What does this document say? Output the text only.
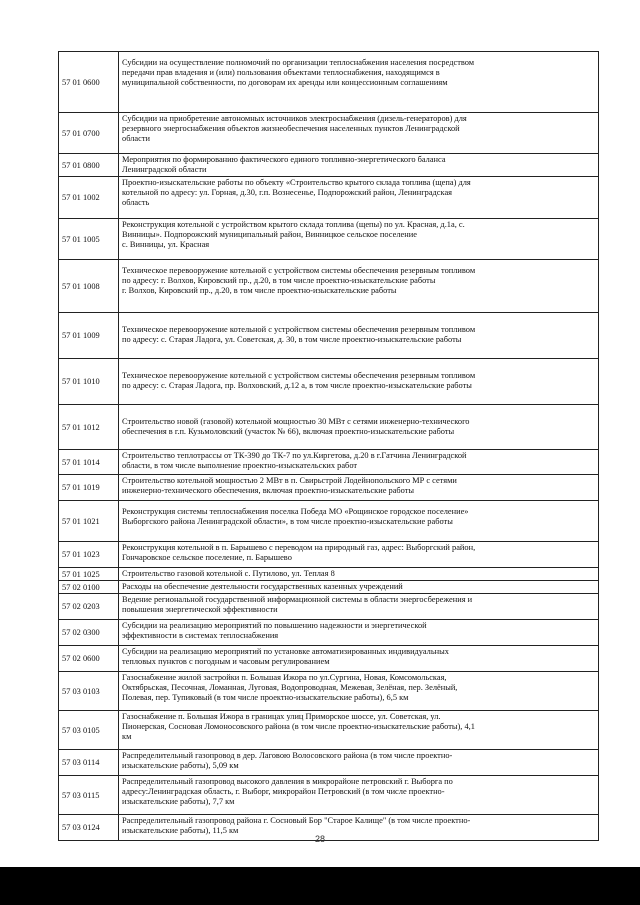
57 01 0600
Субсидии на осуществление полномочий по организации теплоснабжения населения посредством
передачи прав владения и (или) пользования объектами теплоснабжения, находящимся в
муниципальной собственности, по договорам их аренды или концессионным соглашениям
57 01 0700
Субсидии на приобретение автономных источников электроснабжения (дизель-генераторов) для
резервного энергоснабжения объектов жизнеобеспечения населенных пунктов Ленинградской
области
57 01 0800
Мероприятия по формированию фактического единого топливно-энергетического баланса
Ленинградской области
57 01 1002
Проектно-изыскательские работы по объекту «Строительство крытого склада топлива (щепа) для
котельной по адресу: ул. Горная, д.30, г.п. Вознесенье, Подпорожский район, Ленинградская
область
57 01 1005
Реконструкция котельной с устройством крытого склада топлива (щепы) по ул. Красная, д.1а, с.
Винницы». Подпорожский муниципальный район, Винницкое сельское поселение
с. Винницы, ул. Красная
57 01 1008
Техническое перевооружение котельной с устройством системы обеспечения резервным топливом
по адресу: г. Волхов, Кировский пр., д.20, в том числе проектно-изыскательские работы
г. Волхов, Кировский пр., д.20, в том числе проектно-изыскательские работы
57 01 1009
Техническое перевооружение котельной с устройством системы обеспечения резервным топливом
по адресу: с. Старая Ладога, ул. Советская, д. 30, в том числе проектно-изыскательские работы
57 01 1010
Техническое перевооружение котельной с устройством системы обеспечения резервным топливом
по адресу: с. Старая Ладога, пр. Волховский, д.12 а, в том числе проектно-изыскательские работы
57 01 1012
Строительство новой (газовой) котельной мощностью 30 МВт с сетями инженерно-технического
обеспечения в г.п. Кузьмоловский (участок № 66), включая проектно-изыскательские работы
57 01 1014
Строительство теплотрассы от ТК-390 до ТК-7 по ул.Киргетова, д.20 в г.Гатчина Ленинградской
области, в том числе выполнение проектно-изыскательских работ
57 01 1019
Строительство котельной мощностью 2 МВт в п. Свирьстрой Лодейнопольского МР с сетями
инженерно-технического обеспечения, включая проектно-изыскательские работы
57 01 1021
Реконструкция системы теплоснабжения поселка Победа МО «Рощинское городское поселение»
Выборгского района Ленинградской области», в том числе проектно-изыскательские работы
57 01 1023
Реконструкция котельной в п. Барышево с переводом на природный газ, адрес: Выборгский район,
Гончаровское сельское поселение, п. Барышево
57 01 1025	Строительство газовой котельной с. Путилово, ул. Теплая 8
57 02 0100	Расходы на обеспечение деятельности государственных казенных учреждений
57 02 0203
Ведение региональной государственной информационной системы в области энергосбережения и
повышения энергетической эффективности
57 02 0300
Субсидии на реализацию мероприятий по повышению надежности и энергетической
эффективности в системах теплоснабжения
57 02 0600
Субсидии на реализацию мероприятий по установке автоматизированных индивидуальных
тепловых пунктов с погодным и часовым регулированием
57 03 0103
Газоснабжение жилой застройки п. Большая Ижора по ул.Сургина, Новая, Комсомольская,
Октябрьская, Песочная, Ломанная, Луговая, Водопроводная, Межевая, Зелёная, пер. Зелёный,
Полевая, пер. Тупиковый (в том числе проектно-изыскательские работы), 6,5 км
57 03 0105
Газоснабжение п. Большая Ижора в границах улиц Приморское шоссе, ул. Советская, ул.
Пионерская, Сосновая Ломоносовского района (в том числе проектно-изыскательские работы), 4,1
км
57 03 0114
Распределительный газопровод в дер. Лаговою Волосовского района (в том числе проектно-
изыскательские работы), 5,09 км
57 03 0115
Распределительный газопровод высокого давления в микрорайоне петровский г. Выборга по
адресу:Ленинградская область, г. Выборг, микрорайон Петровский (в том числе проектно-
изыскательские работы), 7,7 км
57 03 0124
Распределительный газопровод района г. Сосновый Бор "Старое Калище" (в том числе проектно-
изыскательские работы), 11,5 км
28
